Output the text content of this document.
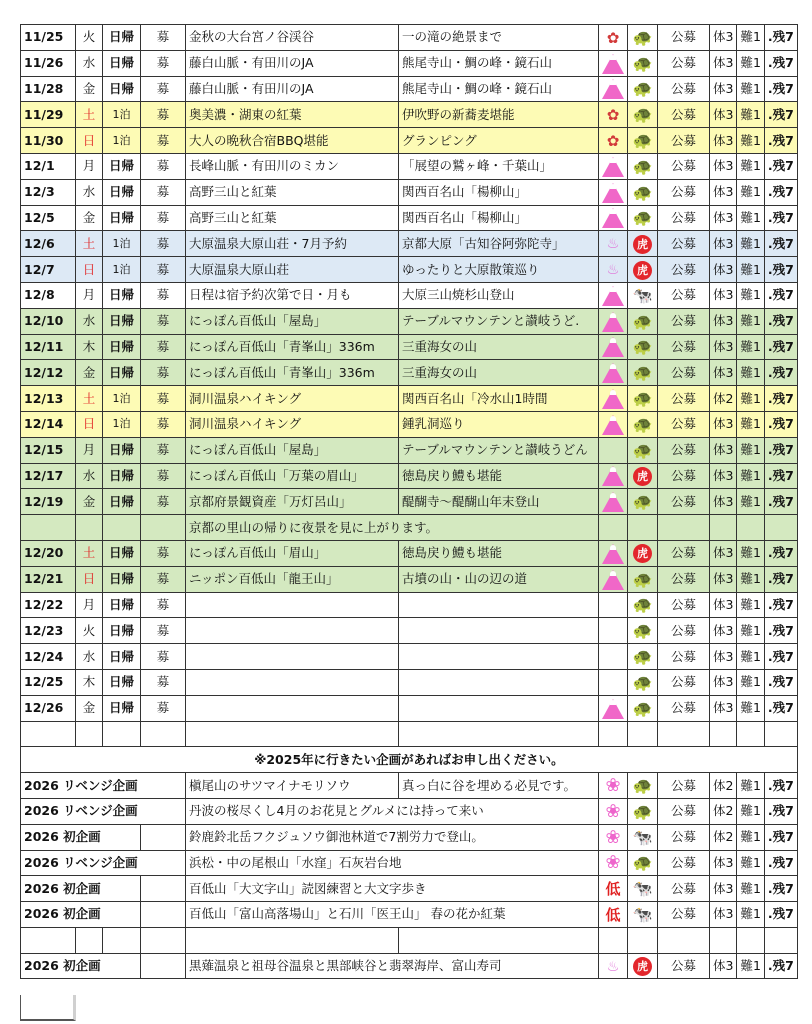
11/25	火	日帰	募	金秋の大台宮ノ谷渓谷	一の滝の絶景まで	✿	🐢	公募	体3	難1	.残7
11/26	水	日帰	募	藤白山脈・有田川のJA	熊尾寺山・鯛の峰・鏡石山		🐢	公募	体3	難1	.残7
11/28	金	日帰	募	藤白山脈・有田川のJA	熊尾寺山・鯛の峰・鏡石山		🐢	公募	体3	難1	.残7
11/29	土	1泊	募	奥美濃・湖東の紅葉	伊吹野の新蕎麦堪能	✿	🐢	公募	体3	難1	.残7
11/30	日	1泊	募	大人の晩秋合宿BBQ堪能	グランピング	✿	🐢	公募	体3	難1	.残7
12/1	月	日帰	募	長峰山脈・有田川のミカン	「展望の鷲ヶ峰・千葉山」		🐢	公募	体3	難1	.残7
12/3	水	日帰	募	高野三山と紅葉	関西百名山「楊柳山」		🐢	公募	体3	難1	.残7
12/5	金	日帰	募	高野三山と紅葉	関西百名山「楊柳山」		🐢	公募	体3	難1	.残7
12/6	土	1泊	募	大原温泉大原山荘・7月予約	京都大原「古知谷阿弥陀寺」	♨	虎	公募	体3	難1	.残7
12/7	日	1泊	募	大原温泉大原山荘	ゆったりと大原散策巡り	♨	虎	公募	体3	難1	.残7
12/8	月	日帰	募	日程は宿予約次第で日・月も	大原三山焼杉山登山		🐄	公募	体3	難1	.残7
12/10	水	日帰	募	にっぽん百低山「屋島」	テーブルマウンテンと讃岐うど.		🐢	公募	体3	難1	.残7
12/11	木	日帰	募	にっぽん百低山「青峯山」336m	三重海女の山		🐢	公募	体3	難1	.残7
12/12	金	日帰	募	にっぽん百低山「青峯山」336m	三重海女の山		🐢	公募	体3	難1	.残7
12/13	土	1泊	募	洞川温泉ハイキング	関西百名山「冷水山1時間		🐢	公募	体2	難1	.残7
12/14	日	1泊	募	洞川温泉ハイキング	鍾乳洞巡り		🐢	公募	体3	難1	.残7
12/15	月	日帰	募	にっぽん百低山「屋島」	テーブルマウンテンと讃岐うどん		🐢	公募	体3	難1	.残7
12/17	水	日帰	募	にっぽん百低山「万葉の眉山」	徳島戻り鱧も堪能		虎	公募	体3	難1	.残7
12/19	金	日帰	募	京都府景観資産「万灯呂山」	醍醐寺～醍醐山年末登山		🐢	公募	体3	難1	.残7
				京都の里山の帰りに夜景を見に上がります。							
12/20	土	日帰	募	にっぽん百低山「眉山」	徳島戻り鱧も堪能		虎	公募	体3	難1	.残7
12/21	日	日帰	募	ニッポン百低山「龍王山」	古墳の山・山の辺の道		🐢	公募	体3	難1	.残7
12/22	月	日帰	募				🐢	公募	体3	難1	.残7
12/23	火	日帰	募				🐢	公募	体3	難1	.残7
12/24	水	日帰	募				🐢	公募	体3	難1	.残7
12/25	木	日帰	募				🐢	公募	体3	難1	.残7
12/26	金	日帰	募				🐢	公募	体3	難1	.残7

※2025年に行きたい企画があればお申し出ください。											
2026 リベンジ企画				槇尾山のサツマイナモリソウ	真っ白に谷を埋める必見です。	❀	🐢	公募	体2	難1	.残7
2026 リベンジ企画				丹波の桜尽くし4月のお花見とグルメには持って来い		❀	🐢	公募	体2	難1	.残7
2026 初企画				鈴鹿鈴北岳フクジュソウ御池林道で7割労力で登山。		❀	🐄	公募	体2	難1	.残7
2026 リベンジ企画				浜松・中の尾根山「水窪」石灰岩台地		❀	🐢	公募	体3	難1	.残7
2026 初企画				百低山「大文字山」読図練習と大文字歩き		低	🐄	公募	体3	難1	.残7
2026 初企画				百低山「富山高落場山」と石川「医王山」 春の花か紅葉		低	🐄	公募	体3	難1	.残7

2026 初企画				黒薙温泉と祖母谷温泉と黒部峡谷と翡翠海岸、富山寿司		♨	虎	公募	体3	難1	.残7
